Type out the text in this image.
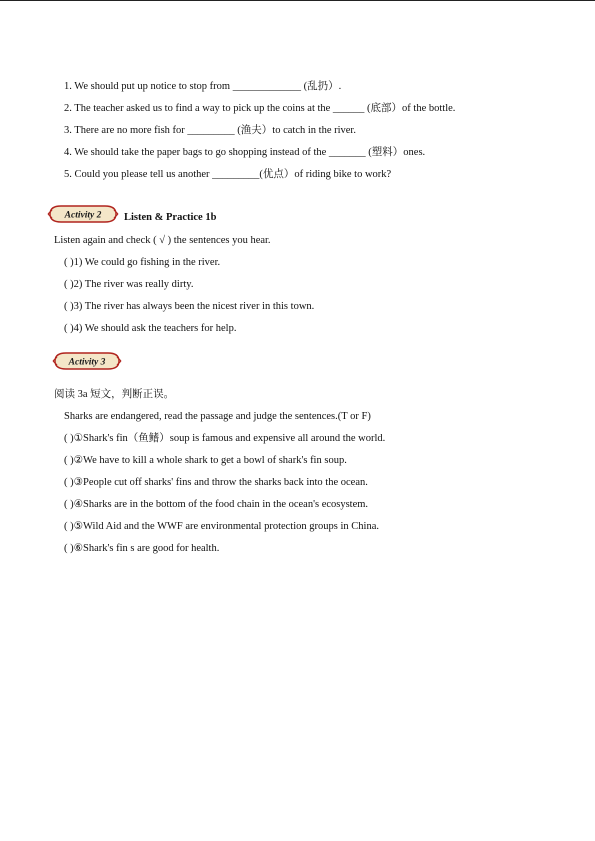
1. We should put up notice to stop from _____________ (乱扔）.
2. The teacher asked us to find a way to pick up the coins at the ______ (底部）of the bottle.
3. There are no more fish for _________ (渔夫）to catch in the river.
4. We should take the paper bags to go shopping instead of the _______ (塑料）ones.
5. Could you please tell us another _________(优点）of riding bike to work?
Activity 2 Listen & Practice 1b
Listen again and check ( √ ) the sentences you hear.
( )1) We could go fishing in the river.
( )2) The river was really dirty.
( )3) The river has always been the nicest river in this town.
( )4) We should ask the teachers for help.
Activity 3
阅读 3a 短文，判断正误。
Sharks are endangered, read the passage and judge the sentences.(T or F)
( )①Shark's fin（鱼鳍）soup is famous and expensive all around the world.
( )②We have to kill a whole shark to get a bowl of shark's fin soup.
( )③People cut off sharks' fins and throw the sharks back into the ocean.
( )④Sharks are in the bottom of the food chain in the ocean's ecosystem.
( )⑤Wild Aid and the WWF are environmental protection groups in China.
( )⑥Shark's fin s are good for health.
